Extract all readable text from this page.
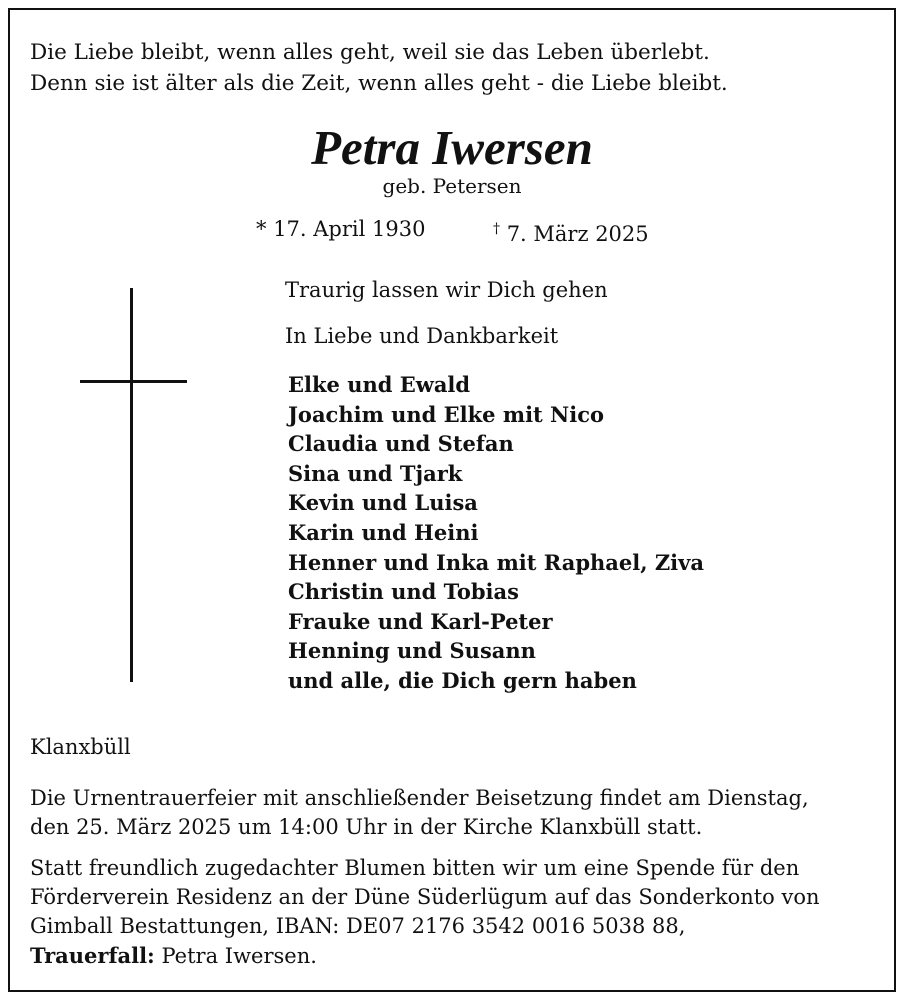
Die Liebe bleibt, wenn alles geht, weil sie das Leben überlebt.
Denn sie ist älter als die Zeit, wenn alles geht - die Liebe bleibt.
Petra Iwersen
geb. Petersen
* 17. April 1930	† 7. März 2025
Traurig lassen wir Dich gehen
In Liebe und Dankbarkeit
Elke und Ewald
Joachim und Elke mit Nico
Claudia und Stefan
Sina und Tjark
Kevin und Luisa
Karin und Heini
Henner und Inka mit Raphael, Ziva
Christin und Tobias
Frauke und Karl-Peter
Henning und Susann
und alle, die Dich gern haben
Klanxbüll
Die Urnentrauerfeier mit anschließender Beisetzung findet am Dienstag,
den 25. März 2025 um 14:00 Uhr in der Kirche Klanxbüll statt.
Statt freundlich zugedachter Blumen bitten wir um eine Spende für den
Förderverein Residenz an der Düne Süderlügum auf das Sonderkonto von
Gimball Bestattungen, IBAN: DE07 2176 3542 0016 5038 88,
Trauerfall: Petra Iwersen.
